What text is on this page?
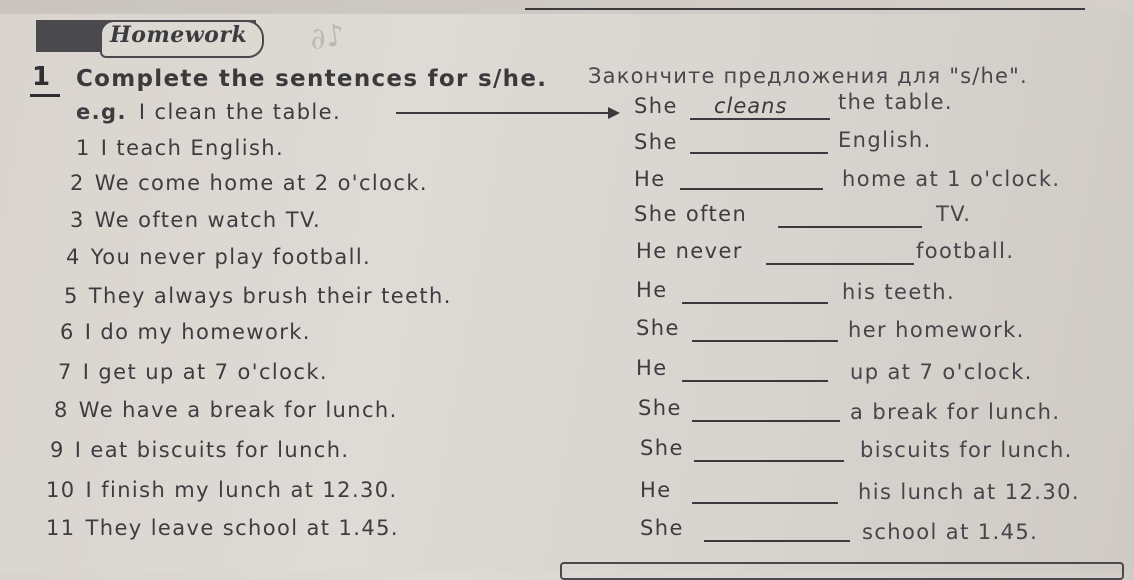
Homework ∂♪
1 Complete the sentences for s/he. Закончите предложения для "s/he".
e.g. I clean the table.	She cleans the table.
1 I teach English.	She	English.
2 We come home at 2 o'clock.	He	home at 1 o'clock.
3 We often watch TV.	She often	TV.
4 You never play football.	He never	football.
5 They always brush their teeth.	He	his teeth.
6 I do my homework.	She	her homework.
7 I get up at 7 o'clock.	He	up at 7 o'clock.
8 We have a break for lunch.	She	a break for lunch.
9 I eat biscuits for lunch.	She	biscuits for lunch.
10 I finish my lunch at 12.30.	He	his lunch at 12.30.
11 They leave school at 1.45.	She	school at 1.45.
